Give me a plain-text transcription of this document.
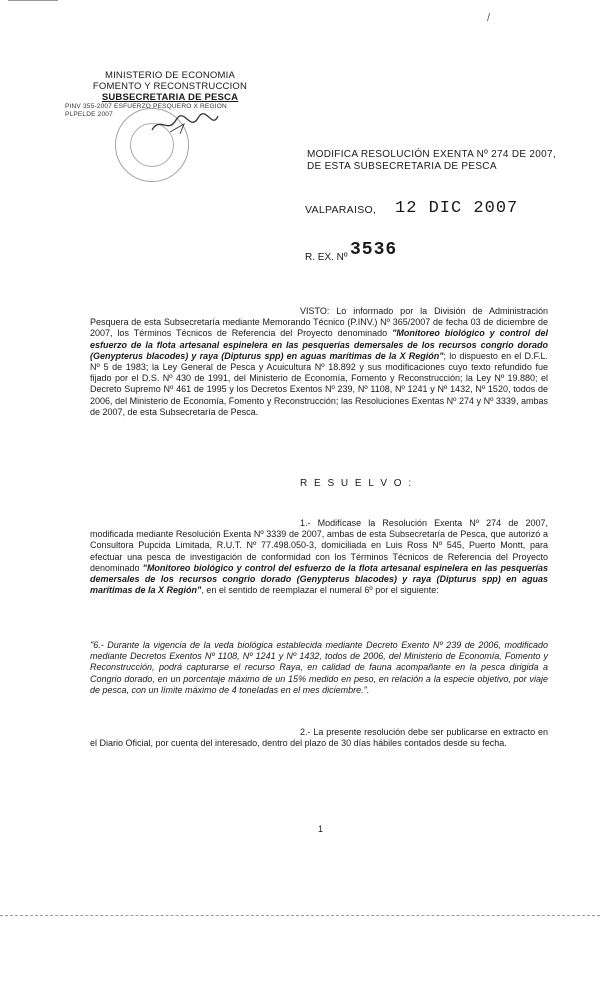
/
MINISTERIO DE ECONOMIA
FOMENTO Y RECONSTRUCCION
SUBSECRETARIA DE PESCA
PINV 355-2007 ESFUERZO PESQUERO X REGION
PLPELDE 2007
MODIFICA RESOLUCIÓN EXENTA Nº 274 DE 2007, DE ESTA SUBSECRETARIA DE PESCA
VALPARAISO, 12 DIC 2007
R. EX. Nº 3536
VISTO: Lo informado por la División de Administración Pesquera de esta Subsecretaría mediante Memorando Técnico (P.INV.) Nº 365/2007 de fecha 03 de diciembre de 2007, los Términos Técnicos de Referencia del Proyecto denominado "Monitoreo biológico y control del esfuerzo de la flota artesanal espinelera en las pesquerías demersales de los recursos congrio dorado (Genypterus blacodes) y raya (Dipturus spp) en aguas marítimas de la X Región"; lo dispuesto en el D.F.L. Nº 5 de 1983; la Ley General de Pesca y Acuicultura Nº 18.892 y sus modificaciones cuyo texto refundido fue fijado por el D.S. Nº 430 de 1991, del Ministerio de Economía, Fomento y Reconstrucción; la Ley Nº 19.880; el Decreto Supremo Nº 461 de 1995 y los Decretos Exentos Nº 239, Nº 1108, Nº 1241 y Nº 1432, Nº 1520, todos de 2006, del Ministerio de Economía, Fomento y Reconstrucción; las Resoluciones Exentas Nº 274 y Nº 3339, ambas de 2007, de esta Subsecretaría de Pesca.
R E S U E L V O :
1.- Modifícase la Resolución Exenta Nº 274 de 2007, modificada mediante Resolución Exenta Nº 3339 de 2007, ambas de esta Subsecretaría de Pesca, que autorizó a Consultora Pupcida Limitada, R.U.T. Nº 77.498.050-3, domiciliada en Luis Ross Nº 545, Puerto Montt, para efectuar una pesca de investigación de conformidad con los Términos Técnicos de Referencia del Proyecto denominado "Monitoreo biológico y control del esfuerzo de la flota artesanal espinelera en las pesquerías demersales de los recursos congrio dorado (Genypterus blacodes) y raya (Dipturus spp) en aguas marítimas de la X Región", en el sentido de reemplazar el numeral 6º por el siguiente:
"6.- Durante la vigencia de la veda biológica establecida mediante Decreto Exento Nº 239 de 2006, modificado mediante Decretos Exentos Nº 1108, Nº 1241 y Nº 1432, todos de 2006, del Ministerio de Economía, Fomento y Reconstrucción, podrá capturarse el recurso Raya, en calidad de fauna acompañante en la pesca dirigida a Congrio dorado, en un porcentaje máximo de un 15% medido en peso, en relación a la especie objetivo, por viaje de pesca, con un límite máximo de 4 toneladas en el mes diciembre.".
2.- La presente resolución debe ser publicarse en extracto en el Diario Oficial, por cuenta del interesado, dentro del plazo de 30 días hábiles contados desde su fecha.
1
